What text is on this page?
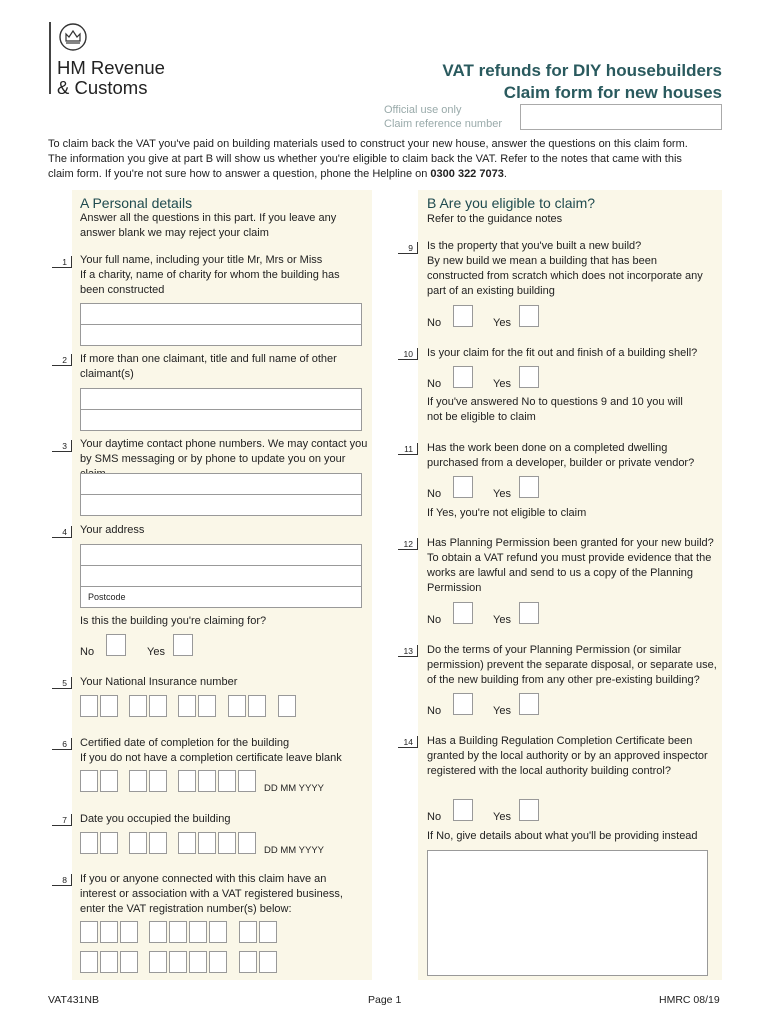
HM Revenue
& Customs
VAT refunds for DIY housebuilders
Claim form for new houses
Official use only
Claim reference number
To claim back the VAT you've paid on building materials used to construct your new house, answer the questions on this claim form. The information you give at part B will show us whether you're eligible to claim back the VAT. Refer to the notes that came with this claim form. If you're not sure how to answer a question, phone the Helpline on 0300 322 7073.
A Personal details
Answer all the questions in this part. If you leave any answer blank we may reject your claim
1	Your full name, including your title Mr, Mrs or Miss
If a charity, name of charity for whom the building has been constructed
2	If more than one claimant, title and full name of other claimant(s)
3	Your daytime contact phone numbers. We may contact you by SMS messaging or by phone to update you on your
4	Your address
Postcode
Is this the building you're claiming for?
No	Yes
5	Your National Insurance number
6	Certified date of completion for the building
If you do not have a completion certificate leave blank
DD MM YYYY
7	Date you occupied the building
DD MM YYYY
8	If you or anyone connected with this claim have an interest or association with a VAT registered business, enter the VAT registration number(s) below:
B Are you eligible to claim?
Refer to the guidance notes
9	Is the property that you've built a new build?
By new build we mean a building that has been constructed from scratch which does not incorporate any part of an existing building
No	Yes
10	Is your claim for the fit out and finish of a building shell?
No	Yes
If you've answered No to questions 9 and 10 you will not be eligible to claim
11	Has the work been done on a completed dwelling purchased from a developer, builder or private vendor?
No	Yes
If Yes, you're not eligible to claim
12	Has Planning Permission been granted for your new build?
To obtain a VAT refund you must provide evidence that the works are lawful and send to us a copy of the Planning Permission
No	Yes
13	Do the terms of your Planning Permission (or similar permission) prevent the separate disposal, or separate use, of the new building from any other pre-existing building?
No	Yes
14	Has a Building Regulation Completion Certificate been granted by the local authority or by an approved inspector registered with the local authority building control?
No	Yes
If No, give details about what you'll be providing instead
VAT431NB	Page 1	HMRC 08/19
